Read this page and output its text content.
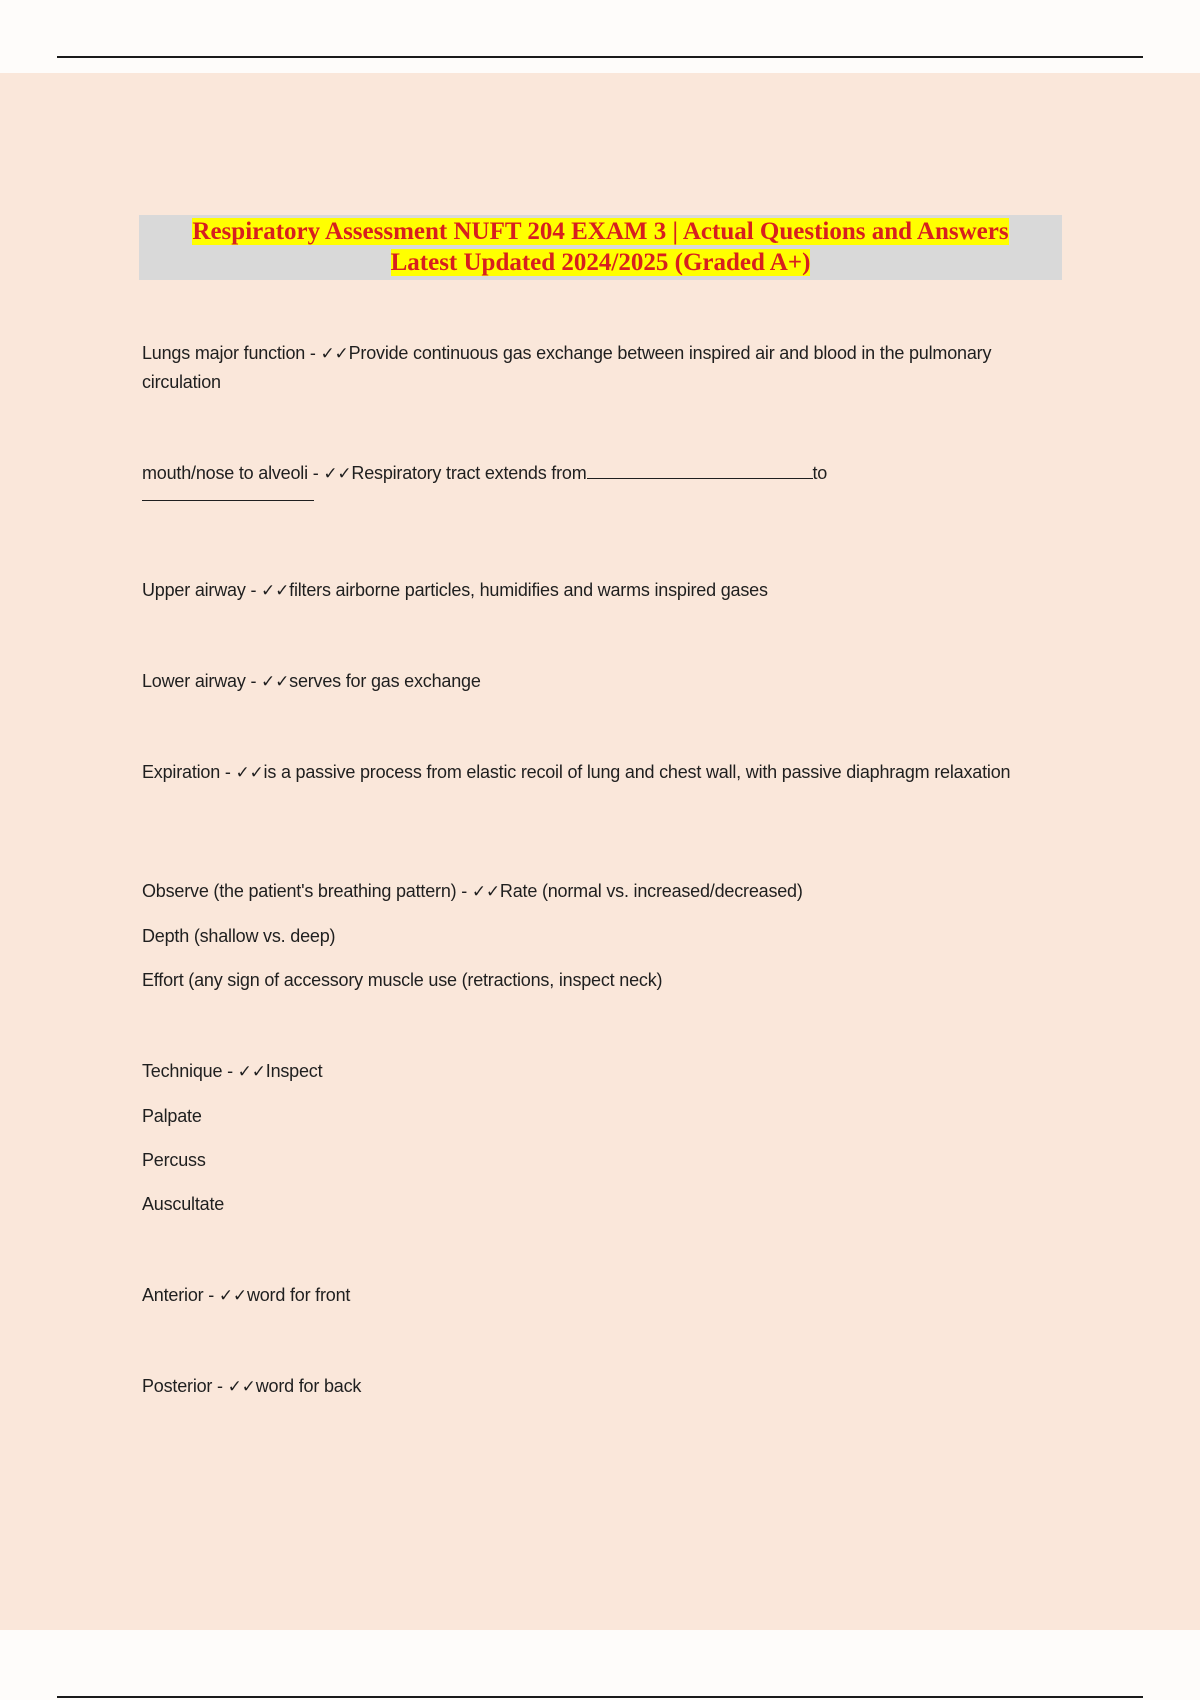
Respiratory Assessment NUFT 204 EXAM 3 | Actual Questions and Answers
Latest Updated 2024/2025 (Graded A+)

Lungs major function - ✓✓Provide continuous gas exchange between inspired air and blood in the pulmonary circulation

mouth/nose to alveoli - ✓✓Respiratory tract extends from	to

Upper airway - ✓✓filters airborne particles, humidifies and warms inspired gases

Lower airway - ✓✓serves for gas exchange

Expiration - ✓✓is a passive process from elastic recoil of lung and chest wall, with passive diaphragm relaxation

Observe (the patient's breathing pattern) - ✓✓Rate (normal vs. increased/decreased)

Depth (shallow vs. deep)

Effort (any sign of accessory muscle use (retractions, inspect neck)

Technique - ✓✓Inspect

Palpate

Percuss

Auscultate

Anterior - ✓✓word for front

Posterior - ✓✓word for back
